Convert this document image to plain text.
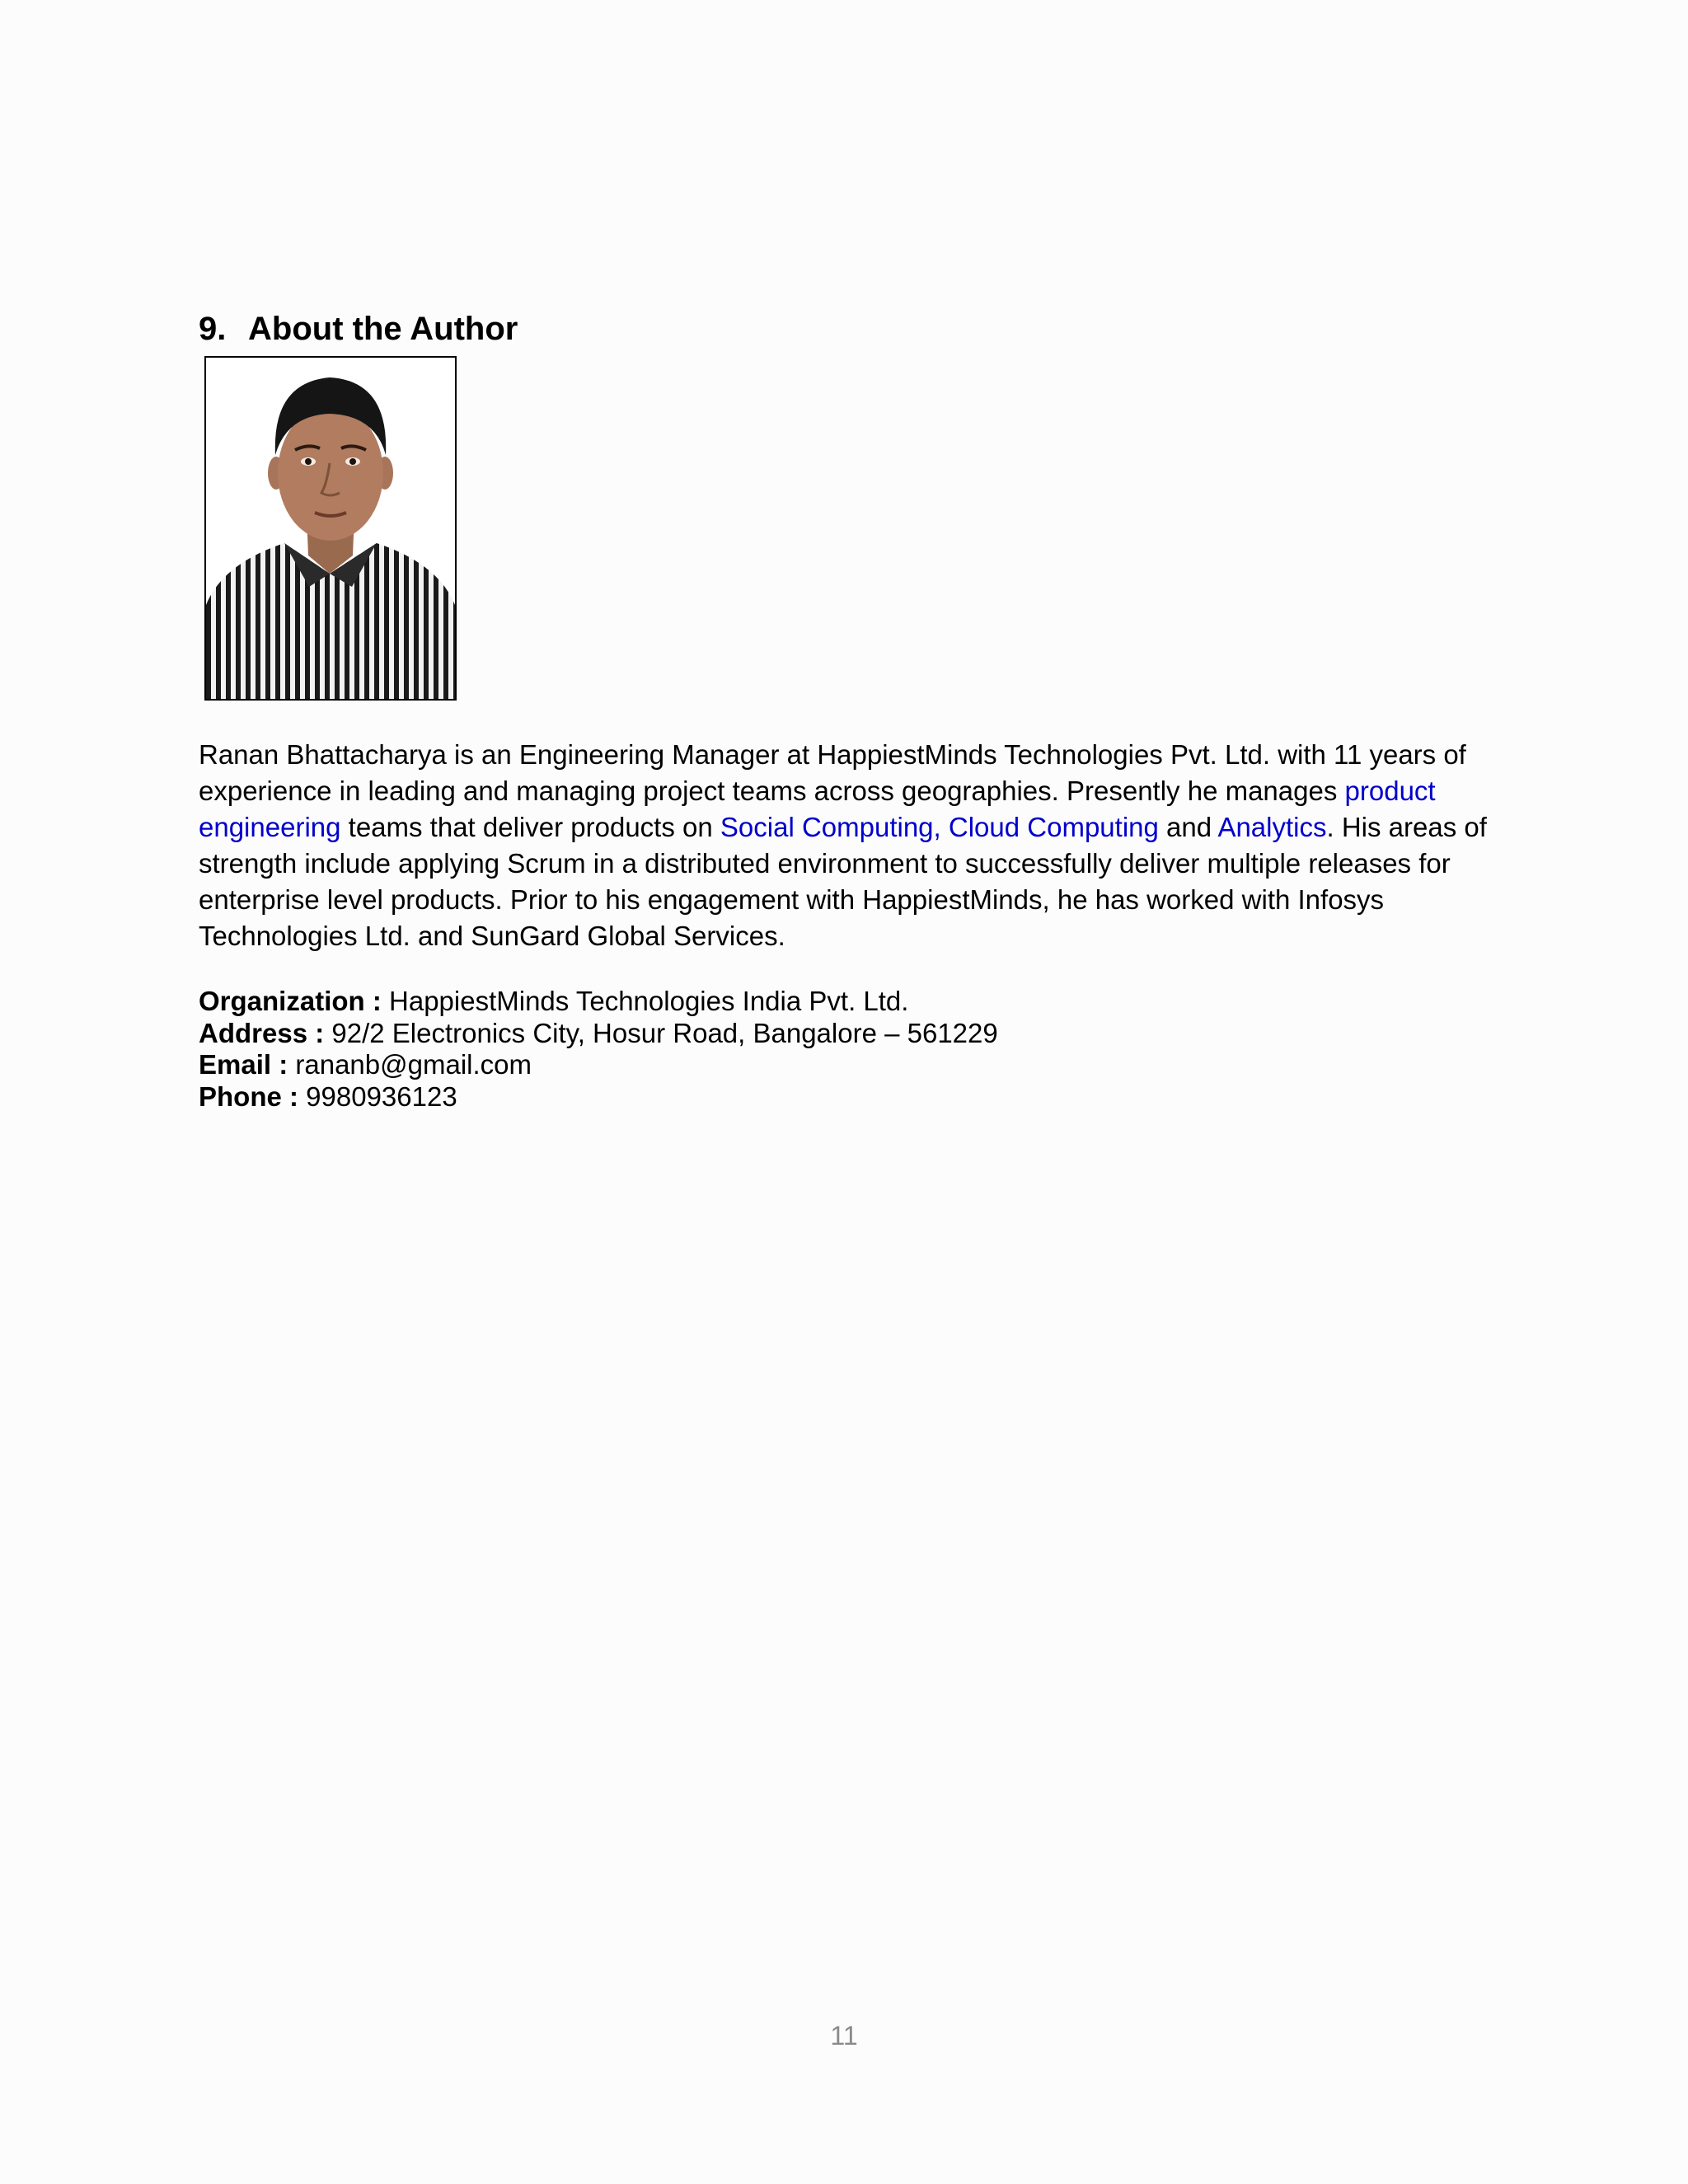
9. About the Author

Ranan Bhattacharya is an Engineering Manager at HappiestMinds Technologies Pvt. Ltd. with 11 years of experience in leading and managing project teams across geographies. Presently he manages product engineering teams that deliver products on Social Computing, Cloud Computing and Analytics. His areas of strength include applying Scrum in a distributed environment to successfully deliver multiple releases for enterprise level products. Prior to his engagement with HappiestMinds, he has worked with Infosys Technologies Ltd. and SunGard Global Services.

Organization : HappiestMinds Technologies India Pvt. Ltd.
Address : 92/2 Electronics City, Hosur Road, Bangalore – 561229
Email : rananb@gmail.com
Phone : 9980936123
11
